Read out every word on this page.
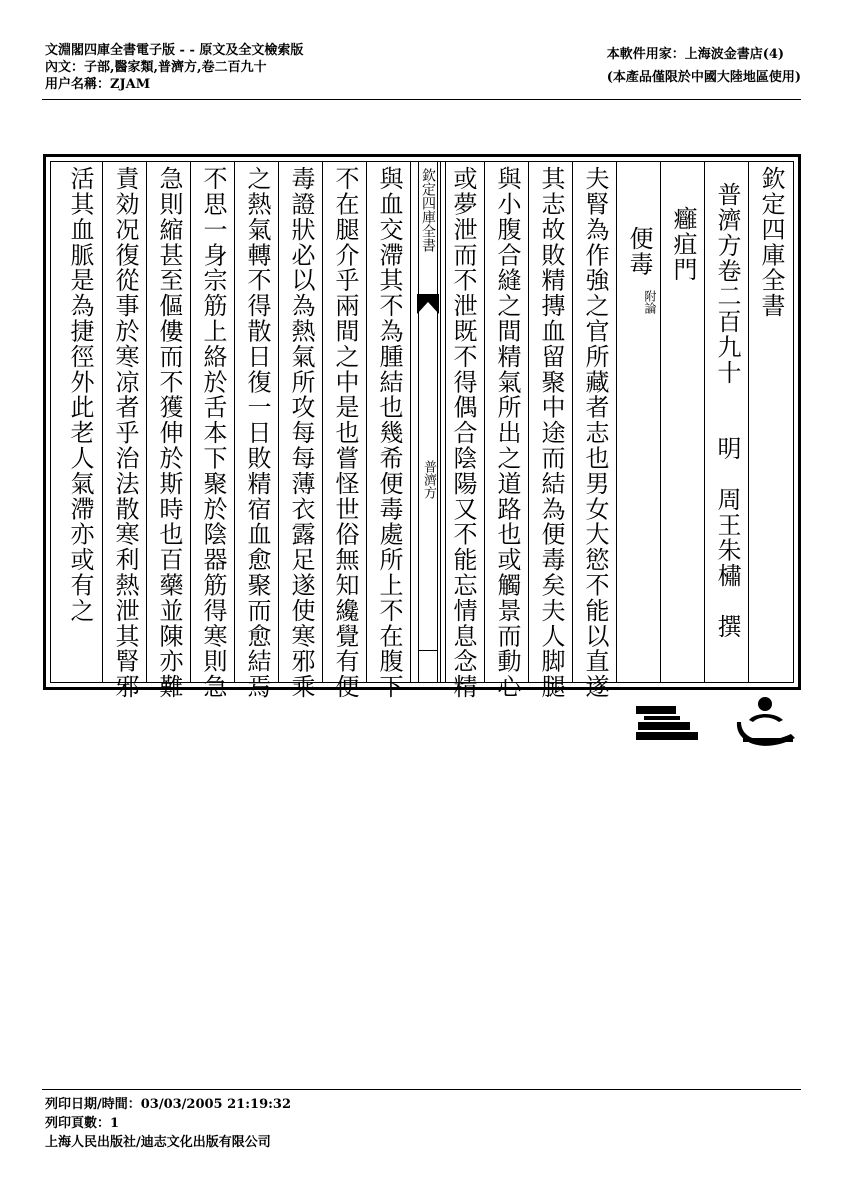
文淵閣四庫全書電子版 - - 原文及全文檢索版
內文：子部,醫家類,普濟方,卷二百九十
用户名稱：ZJAM
本軟件用家：上海波金書店(4)
(本產品僅限於中國大陸地區使用)
欽定四庫全書
普濟方卷二百九十　　明　周王朱橚　撰
癰疽門
便毒
附論
夫腎為作強之官所藏者志也男女大慾不能以直遂
其志故敗精摶血留聚中途而結為便毒矣夫人脚腿
與小腹合縫之間精氣所出之道路也或觸景而動心
或夢泄而不泄既不得偶合陰陽又不能忘情息念精
欽定四庫全書
普濟方
與血交滯其不為腫結也幾希便毒處所上不在腹下
不在腿介乎兩間之中是也嘗怪世俗無知纔覺有便
毒證狀必以為熱氣所攻每每薄衣露足遂使寒邪乘
之熱氣轉不得散日復一日敗精宿血愈聚而愈結焉
不思一身宗筋上絡於舌本下聚於陰器筋得寒則急
急則縮甚至傴僂而不獲伸於斯時也百藥並陳亦難
責効况復從事於寒凉者乎治法散寒利熱泄其腎邪
活其血脈是為捷徑外此老人氣滯亦或有之
列印日期/時間：03/03/2005 21:19:32
列印頁數：1
上海人民出版社/迪志文化出版有限公司
